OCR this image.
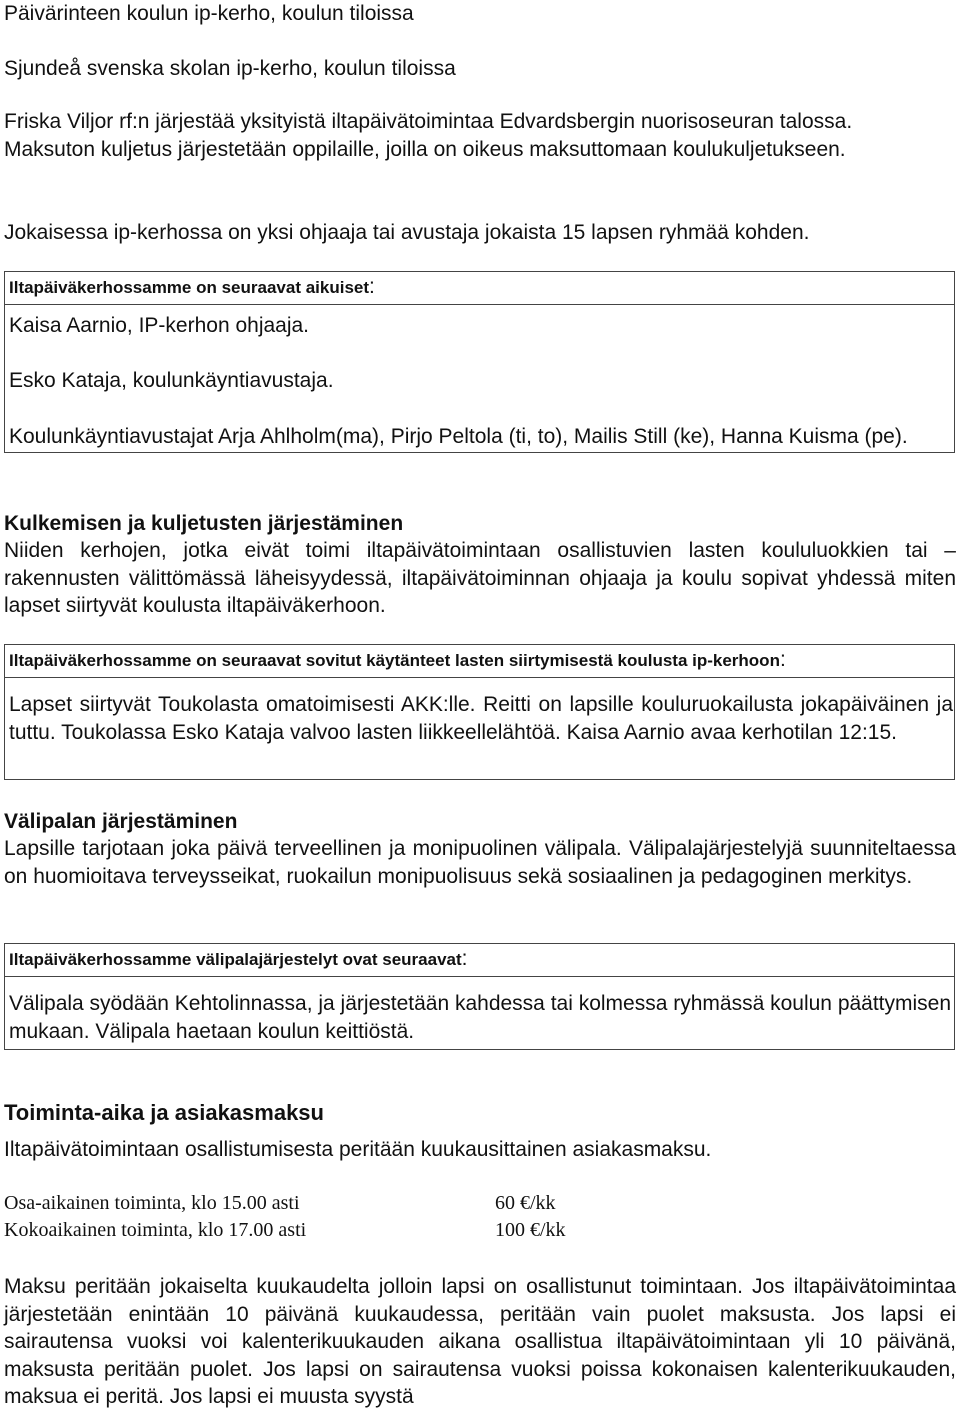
Päivärinteen koulun ip-kerho, koulun tiloissa

Sjundeå svenska skolan ip-kerho, koulun tiloissa

Friska Viljor rf:n järjestää yksityistä iltapäivätoimintaa Edvardsbergin nuorisoseuran talossa. Maksuton kuljetus järjestetään oppilaille, joilla on oikeus maksuttomaan koulukuljetukseen.

Jokaisessa ip-kerhossa on yksi ohjaaja tai avustaja jokaista 15 lapsen ryhmää kohden.

Iltapäiväkerhossamme on seuraavat aikuiset:

Kaisa Aarnio, IP-kerhon ohjaaja.

Esko Kataja, koulunkäyntiavustaja.

Koulunkäyntiavustajat Arja Ahlholm(ma), Pirjo Peltola (ti, to), Mailis Still (ke), Hanna Kuisma (pe).

Kulkemisen ja kuljetusten järjestäminen

Niiden kerhojen, jotka eivät toimi iltapäivätoimintaan osallistuvien lasten koululuokkien tai – rakennusten välittömässä läheisyydessä, iltapäivätoiminnan ohjaaja ja koulu sopivat yhdessä miten lapset siirtyvät koulusta iltapäiväkerhoon.

Iltapäiväkerhossamme on seuraavat sovitut käytänteet lasten siirtymisestä koulusta ip-kerhoon:

Lapset siirtyvät Toukolasta omatoimisesti AKK:lle. Reitti on lapsille kouluruokailusta jokapäiväinen ja tuttu. Toukolassa Esko Kataja valvoo lasten liikkeellelähtöä. Kaisa Aarnio avaa kerhotilan 12:15.

Välipalan järjestäminen

Lapsille tarjotaan joka päivä terveellinen ja monipuolinen välipala. Välipalajärjestelyjä suunniteltaessa on huomioitava terveysseikat, ruokailun monipuolisuus sekä sosiaalinen ja pedagoginen merkitys.

Iltapäiväkerhossamme välipalajärjestelyt ovat seuraavat:

Välipala syödään Kehtolinnassa, ja järjestetään kahdessa tai kolmessa ryhmässä koulun päättymisen mukaan. Välipala haetaan koulun keittiöstä.

Toiminta-aika ja asiakasmaksu

Iltapäivätoimintaan osallistumisesta peritään kuukausittainen asiakasmaksu.

Osa-aikainen toiminta, klo 15.00 asti	60 €/kk
Kokoaikainen toiminta, klo 17.00 asti	100 €/kk

Maksu peritään jokaiselta kuukaudelta jolloin lapsi on osallistunut toimintaan. Jos iltapäivätoimintaa järjestetään enintään 10 päivänä kuukaudessa, peritään vain puolet maksusta. Jos lapsi ei sairautensa vuoksi voi kalenterikuukauden aikana osallistua iltapäivätoimintaan yli 10 päivänä, maksusta peritään puolet. Jos lapsi on sairautensa vuoksi poissa kokonaisen kalenterikuukauden, maksua ei peritä. Jos lapsi ei muusta syystä
